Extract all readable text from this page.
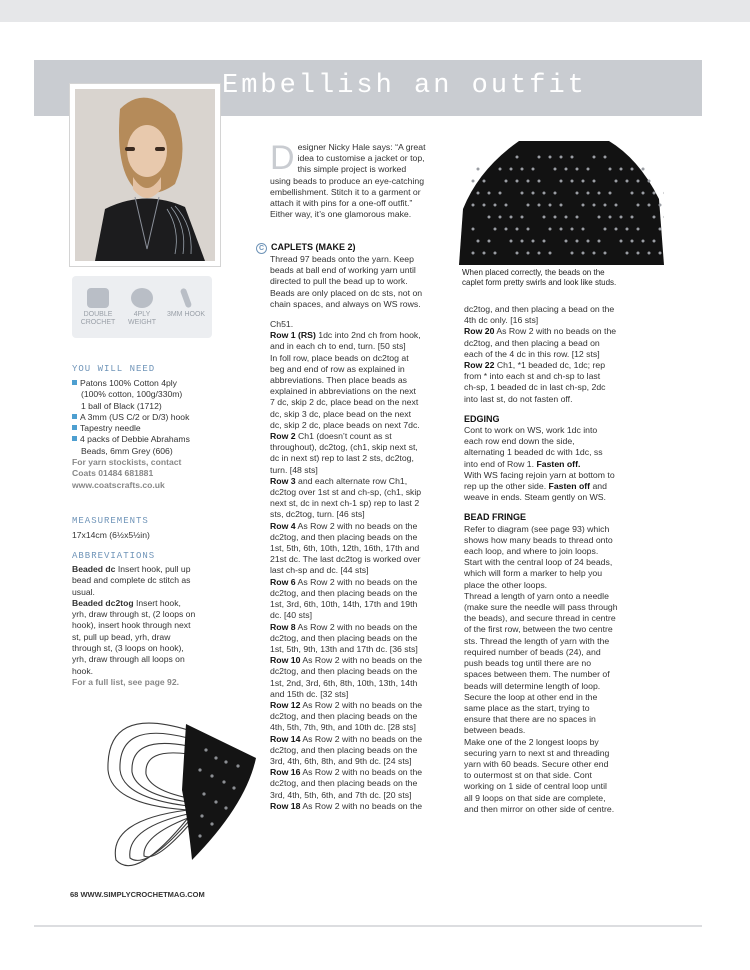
Embellish an outfit
DOUBLE CROCHET
4PLY WEIGHT
3MM HOOK
YOU WILL NEED

Patons 100% Cotton 4ply

(100% cotton, 100g/330m)

1 ball of Black (1712)

A 3mm (US C/2 or D/3) hook

Tapestry needle

4 packs of Debbie Abrahams

Beads, 6mm Grey (606)

For yarn stockists, contact

Coats 01484 681881

www.coatscrafts.co.uk

MEASUREMENTS
17x14cm (6½x5½in)
ABBREVIATIONS

Beaded dc Insert hook, pull up

bead and complete dc stitch as

usual.

Beaded dc2tog Insert hook,

yrh, draw through st, (2 loops on

hook), insert hook through next

st, pull up bead, yrh, draw

through st, (3 loops on hook),

yrh, draw through all loops on

hook.

For a full list, see page 92.

D esigner Nicky Hale says: “A great

idea to customise a jacket or top,

this simple project is worked

using beads to produce an eye-catching

embellishment. Stitch it to a garment or

attach it with pins for a one-off outfit.”

Either way, it’s one glamorous make.

C CAPLETS (MAKE 2)

Thread 97 beads onto the yarn. Keep

beads at ball end of working yarn until

directed to pull the bead up to work.

Beads are only placed on dc sts, not on

chain spaces, and always on WS rows.

Ch51.

Row 1 (RS) 1dc into 2nd ch from hook,

and in each ch to end, turn. [50 sts]

In foll row, place beads on dc2tog at

beg and end of row as explained in

abbreviations. Then place beads as

explained in abbreviations on the next

7 dc, skip 2 dc, place bead on the next

dc, skip 3 dc, place bead on the next

dc, skip 2 dc, place beads on next 7dc.

Row 2 Ch1 (doesn’t count as st

throughout), dc2tog, (ch1, skip next st,

dc in next st) rep to last 2 sts, dc2tog,

turn. [48 sts]

Row 3 and each alternate row Ch1,

dc2tog over 1st st and ch-sp, (ch1, skip

next st, dc in next ch-1 sp) rep to last 2

sts, dc2tog, turn. [46 sts]

Row 4 As Row 2 with no beads on the

dc2tog, and then placing beads on the

1st, 5th, 6th, 10th, 12th, 16th, 17th and

21st dc. The last dc2tog is worked over

last ch-sp and dc. [44 sts]

Row 6 As Row 2 with no beads on the

dc2tog, and then placing beads on the

1st, 3rd, 6th, 10th, 14th, 17th and 19th

dc. [40 sts]

Row 8 As Row 2 with no beads on the

dc2tog, and then placing beads on the

1st, 5th, 9th, 13th and 17th dc. [36 sts]

Row 10 As Row 2 with no beads on the

dc2tog, and then placing beads on the

1st, 2nd, 3rd, 6th, 8th, 10th, 13th, 14th

and 15th dc. [32 sts]

Row 12 As Row 2 with no beads on the

dc2tog, and then placing beads on the

4th, 5th, 7th, 9th, and 10th dc. [28 sts]

Row 14 As Row 2 with no beads on the

dc2tog, and then placing beads on the

3rd, 4th, 6th, 8th, and 9th dc. [24 sts]

Row 16 As Row 2 with no beads on the

dc2tog, and then placing beads on the

3rd, 4th, 5th, 6th, and 7th dc. [20 sts]

Row 18 As Row 2 with no beads on the

When placed correctly, the beads on the

caplet form pretty swirls and look like studs.

dc2tog, and then placing a bead on the

4th dc only. [16 sts]

Row 20 As Row 2 with no beads on the

dc2tog, and then placing a bead on

each of the 4 dc in this row. [12 sts]

Row 22 Ch1, *1 beaded dc, 1dc; rep

from * into each st and ch-sp to last

ch-sp, 1 beaded dc in last ch-sp, 2dc

into last st, do not fasten off.

EDGING

Cont to work on WS, work 1dc into

each row end down the side,

alternating 1 beaded dc with 1dc, ss

into end of Row 1. Fasten off.

With WS facing rejoin yarn at bottom to

rep up the other side. Fasten off and

weave in ends. Steam gently on WS.

BEAD FRINGE

Refer to diagram (see page 93) which

shows how many beads to thread onto

each loop, and where to join loops.

Start with the central loop of 24 beads,

which will form a marker to help you

place the other loops.

Thread a length of yarn onto a needle

(make sure the needle will pass through

the beads), and secure thread in centre

of the first row, between the two centre

sts. Thread the length of yarn with the

required number of beads (24), and

push beads tog until there are no

spaces between them. The number of

beads will determine length of loop.

Secure the loop at other end in the

same place as the start, trying to

ensure that there are no spaces in

between beads.

Make one of the 2 longest loops by

securing yarn to next st and threading

yarn with 60 beads. Secure other end

to outermost st on that side. Cont

working on 1 side of central loop until

all 9 loops on that side are complete,

and then mirror on other side of centre.

68 WWW.SIMPLYCROCHETMAG.COM
